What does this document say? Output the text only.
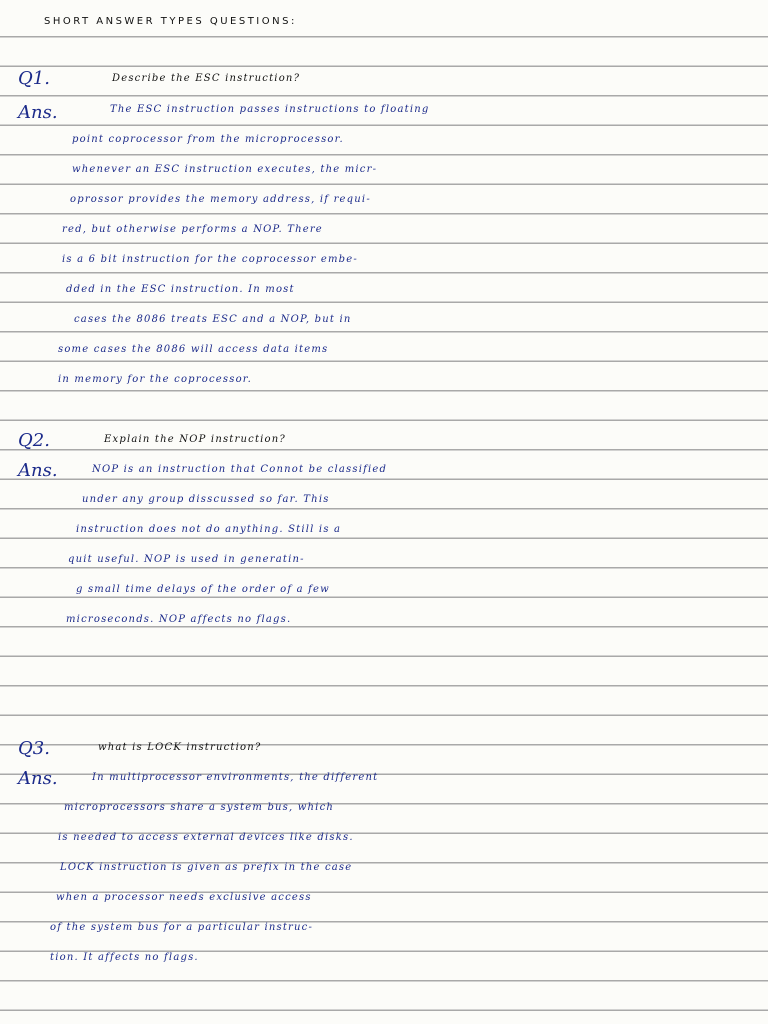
SHORT ANSWER TYPES QUESTIONS:
Q1.	Describe the ESC instruction?
Ans.	The ESC instruction passes instructions to floating
point coprocessor from the microprocessor.
whenever an ESC instruction executes, the micr-
oprossor provides the memory address, if requi-
red, but otherwise performs a NOP. There
is a 6 bit instruction for the coprocessor embe-
dded in the ESC instruction. In most
cases the 8086 treats ESC and a NOP, but in
some cases the 8086 will access data items
in memory for the coprocessor.
Q2.	Explain the NOP instruction?
Ans.	NOP is an instruction that Connot be classified
under any group disscussed so far. This
instruction does not do anything. Still is a
quit useful. NOP is used in generatin-
g small time delays of the order of a few
microseconds. NOP affects no flags.
Q3.	what is LOCK instruction?
Ans.	In multiprocessor environments, the different
microprocessors share a system bus, which
is needed to access external devices like disks.
LOCK instruction is given as prefix in the case
when a processor needs exclusive access
of the system bus for a particular instruc-
tion. It affects no flags.
